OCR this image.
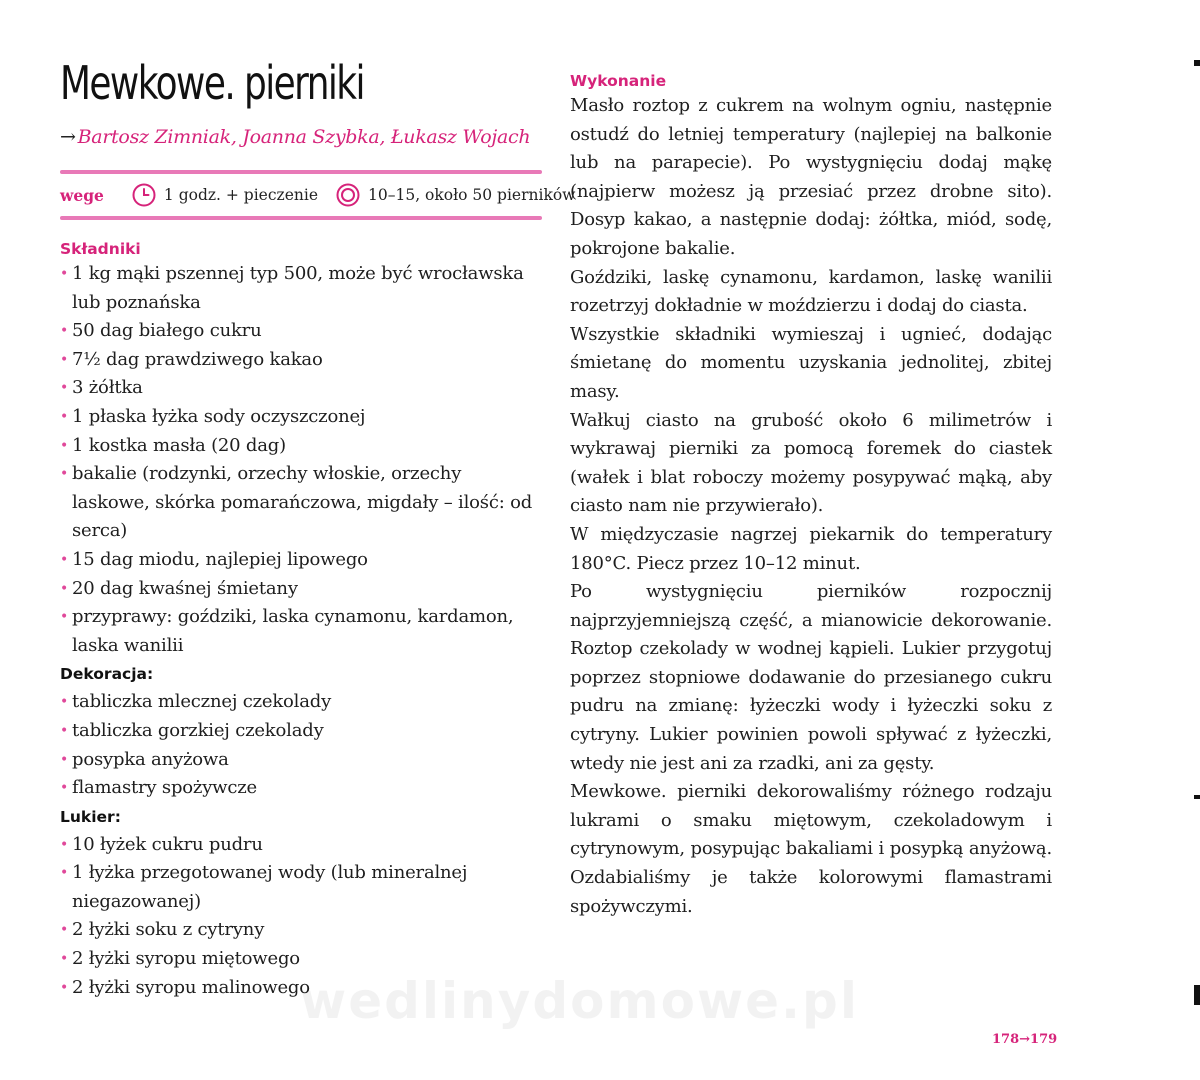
Mewkowe. pierniki
→ Bartosz Zimniak, Joanna Szybka, Łukasz Wojach
wege	1 godz. + pieczenie	10–15, około 50 pierników
Składniki
• 1 kg mąki pszennej typ 500, może być wrocławska lub poznańska
• 50 dag białego cukru
• 7½ dag prawdziwego kakao
• 3 żółtka
• 1 płaska łyżka sody oczyszczonej
• 1 kostka masła (20 dag)
• bakalie (rodzynki, orzechy włoskie, orzechy laskowe, skórka pomarańczowa, migdały – ilość: od serca)
• 15 dag miodu, najlepiej lipowego
• 20 dag kwaśnej śmietany
• przyprawy: goździki, laska cynamonu, kardamon, laska wanilii
Dekoracja:
• tabliczka mlecznej czekolady
• tabliczka gorzkiej czekolady
• posypka anyżowa
• flamastry spożywcze
Lukier:
• 10 łyżek cukru pudru
• 1 łyżka przegotowanej wody (lub mineralnej niegazowanej)
• 2 łyżki soku z cytryny
• 2 łyżki syropu miętowego
• 2 łyżki syropu malinowego
Wykonanie

Masło roztop z cukrem na wolnym ogniu, następnie ostudź do letniej temperatury (najlepiej na balkonie lub na parapecie). Po wystygnięciu dodaj mąkę (najpierw możesz ją przesiać przez drobne sito). Dosyp kakao, a następnie dodaj: żółtka, miód, sodę, pokrojone bakalie.

Goździki, laskę cynamonu, kardamon, laskę wanilii rozetrzyj dokładnie w moździerzu i dodaj do ciasta.

Wszystkie składniki wymieszaj i ugnieć, dodając śmietanę do momentu uzyskania jednolitej, zbitej masy.

Wałkuj ciasto na grubość około 6 milimetrów i wykrawaj pierniki za pomocą foremek do ciastek (wałek i blat roboczy możemy posypywać mąką, aby ciasto nam nie przywierało).

W międzyczasie nagrzej piekarnik do temperatury 180°C. Piecz przez 10–12 minut.

Po wystygnięciu pierników rozpocznij najprzyjemniejszą część, a mianowicie dekorowanie. Roztop czekolady w wodnej kąpieli. Lukier przygotuj poprzez stopniowe dodawanie do przesianego cukru pudru na zmianę: łyżeczki wody i łyżeczki soku z cytryny. Lukier powinien powoli spływać z łyżeczki, wtedy nie jest ani za rzadki, ani za gęsty.

Mewkowe. pierniki dekorowaliśmy różnego rodzaju lukrami o smaku miętowym, czekoladowym i cytrynowym, posypując bakaliami i posypką anyżową. Ozdabialiśmy je także kolorowymi flamastrami spożywczymi.

wedlinydomowe.pl
178→179
